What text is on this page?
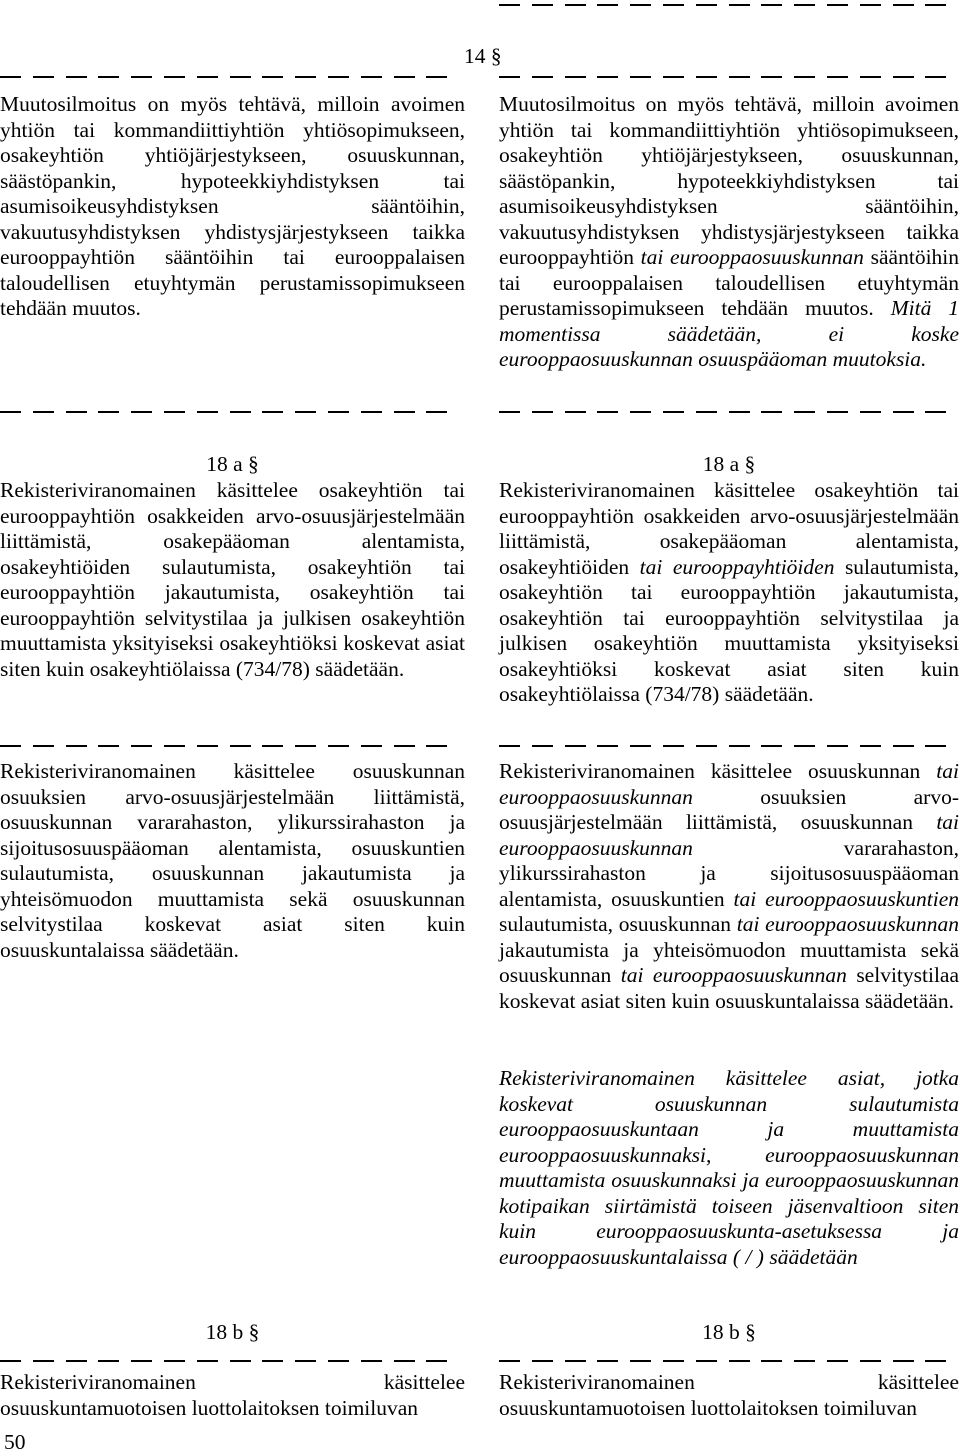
14 §

Muutosilmoitus on myös tehtävä, milloin avoimen yhtiön tai kommandiittiyhtiön yhtiösopimukseen, osakeyhtiön yhtiöjärjestykseen, osuuskunnan, säästöpankin, hypoteekkiyhdistyksen tai asumisoikeusyhdistyksen sääntöihin, vakuutusyhdistyksen yhdistysjärjestykseen taikka eurooppayhtiön sääntöihin tai eurooppalaisen taloudellisen etuyhtymän perustamissopimukseen tehdään muutos.

18 a §

Rekisteriviranomainen käsittelee osakeyhtiön tai eurooppayhtiön osakkeiden arvo-osuusjärjestelmään liittämistä, osakepääoman alentamista, osakeyhtiöiden sulautumista, osakeyhtiön tai eurooppayhtiön jakautumista, osakeyhtiön tai eurooppayhtiön selvitystilaa ja julkisen osakeyhtiön muuttamista yksityiseksi osakeyhtiöksi koskevat asiat siten kuin osakeyhtiölaissa (734/78) säädetään.

Rekisteriviranomainen käsittelee osuuskunnan osuuksien arvo-osuusjärjestelmään liittämistä, osuuskunnan vararahaston, ylikurssirahaston ja sijoitusosuuspääoman alentamista, osuuskuntien sulautumista, osuuskunnan jakautumista ja yhteisömuodon muuttamista sekä osuuskunnan selvitystilaa koskevat asiat siten kuin osuuskuntalaissa säädetään.

18 b §

Rekisteriviranomainen käsittelee osuuskuntamuotoisen luottolaitoksen toimiluvan

50

Muutosilmoitus on myös tehtävä, milloin avoimen yhtiön tai kommandiittiyhtiön yhtiösopimukseen, osakeyhtiön yhtiöjärjestykseen, osuuskunnan, säästöpankin, hypoteekkiyhdistyksen tai asumisoikeusyhdistyksen sääntöihin, vakuutusyhdistyksen yhdistysjärjestykseen taikka eurooppayhtiön tai eurooppaosuuskunnan sääntöihin tai eurooppalaisen taloudellisen etuyhtymän perustamissopimukseen tehdään muutos. Mitä 1 momentissa säädetään, ei koske eurooppaosuuskunnan osuuspääoman muutoksia.

18 a §

Rekisteriviranomainen käsittelee osakeyhtiön tai eurooppayhtiön osakkeiden arvo-osuusjärjestelmään liittämistä, osakepääoman alentamista, osakeyhtiöiden tai eurooppayhtiöiden sulautumista, osakeyhtiön tai eurooppayhtiön jakautumista, osakeyhtiön tai eurooppayhtiön selvitystilaa ja julkisen osakeyhtiön muuttamista yksityiseksi osakeyhtiöksi koskevat asiat siten kuin osakeyhtiölaissa (734/78) säädetään.

Rekisteriviranomainen käsittelee osuuskunnan tai eurooppaosuuskunnan	osuuksien arvo-osuusjärjestelmään liittämistä, osuuskunnan tai eurooppaosuuskunnan	vararahaston, ylikurssirahaston ja sijoitusosuuspääoman alentamista, osuuskuntien tai eurooppaosuuskuntien sulautumista, osuuskunnan tai eurooppaosuuskunnan jakautumista ja yhteisömuodon muuttamista sekä osuuskunnan tai eurooppaosuuskunnan selvitystilaa koskevat asiat siten kuin osuuskuntalaissa säädetään.

Rekisteriviranomainen käsittelee asiat, jotka koskevat osuuskunnan sulautumista eurooppaosuuskuntaan ja muuttamista eurooppaosuuskunnaksi, eurooppaosuuskunnan muuttamista osuuskunnaksi ja eurooppaosuuskunnan kotipaikan siirtämistä toiseen jäsenvaltioon siten kuin eurooppaosuuskunta-asetuksessa ja eurooppaosuuskuntalaissa ( / ) säädetään

18 b §

Rekisteriviranomainen käsittelee osuuskuntamuotoisen luottolaitoksen toimiluvan
